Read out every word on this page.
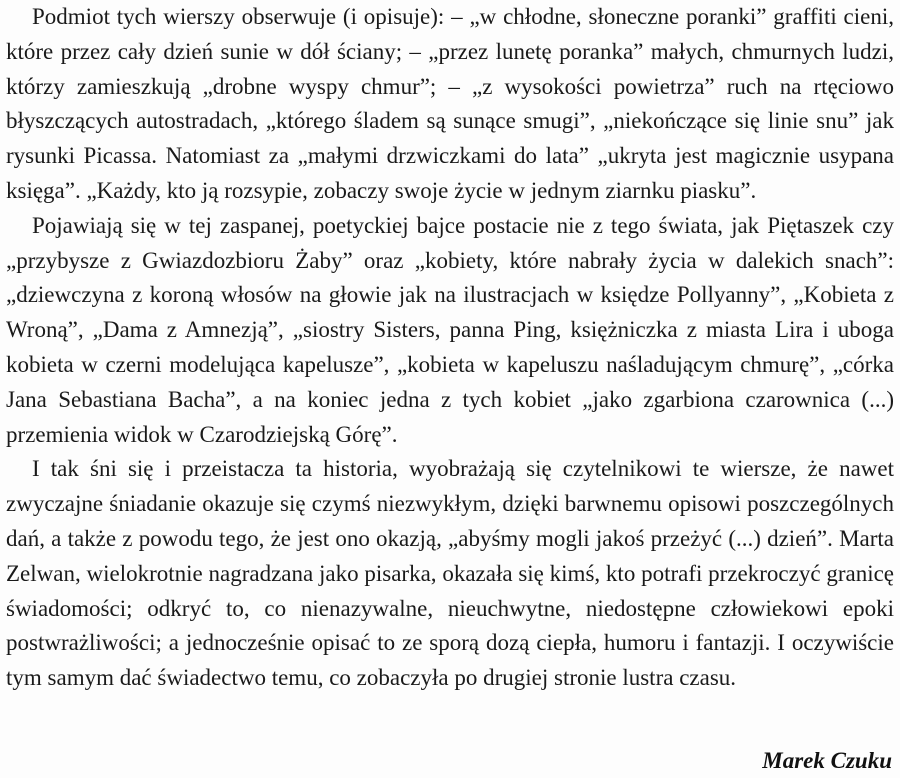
Podmiot tych wierszy obserwuje (i opisuje): – „w chłodne, słoneczne poranki” graffiti cieni, które przez cały dzień sunie w dół ściany; – „przez lunetę poranka” małych, chmurnych ludzi, którzy zamieszkują „drobne wyspy chmur”; – „z wysokości powietrza” ruch na rtęciowo błyszczących autostradach, „którego śladem są sunące smugi”, „niekończące się linie snu” jak rysunki Picassa. Natomiast za „małymi drzwiczkami do lata” „ukryta jest magicznie usypana księga”. „Każdy, kto ją rozsypie, zobaczy swoje życie w jednym ziarnku piasku”.

Pojawiają się w tej zaspanej, poetyckiej bajce postacie nie z tego świata, jak Piętaszek czy „przybysze z Gwiazdozbioru Żaby” oraz „kobiety, które nabrały życia w dalekich snach”: „dziewczyna z koroną włosów na głowie jak na ilustracjach w księdze Pollyanny”, „Kobieta z Wroną”, „Dama z Amnezją”, „siostry Sisters, panna Ping, księżniczka z miasta Lira i uboga kobieta w czerni modelująca kapelusze”, „kobieta w kapeluszu naśladującym chmurę”, „córka Jana Sebastiana Bacha”, a na koniec jedna z tych kobiet „jako zgarbiona czarownica (...) przemienia widok w Czarodziejską Górę”.

I tak śni się i przeistacza ta historia, wyobrażają się czytelnikowi te wiersze, że nawet zwyczajne śniadanie okazuje się czymś niezwykłym, dzięki barwnemu opisowi poszczególnych dań, a także z powodu tego, że jest ono okazją, „abyśmy mogli jakoś przeżyć (...) dzień”. Marta Zelwan, wielokrotnie nagradzana jako pisarka, okazała się kimś, kto potrafi przekroczyć granicę świadomości; odkryć to, co nienazywalne, nieuchwytne, niedostępne człowiekowi epoki postwrażliwości; a jednocześnie opisać to ze sporą dozą ciepła, humoru i fantazji. I oczywiście tym samym dać świadectwo temu, co zobaczyła po drugiej stronie lustra czasu.

Marek Czuku
